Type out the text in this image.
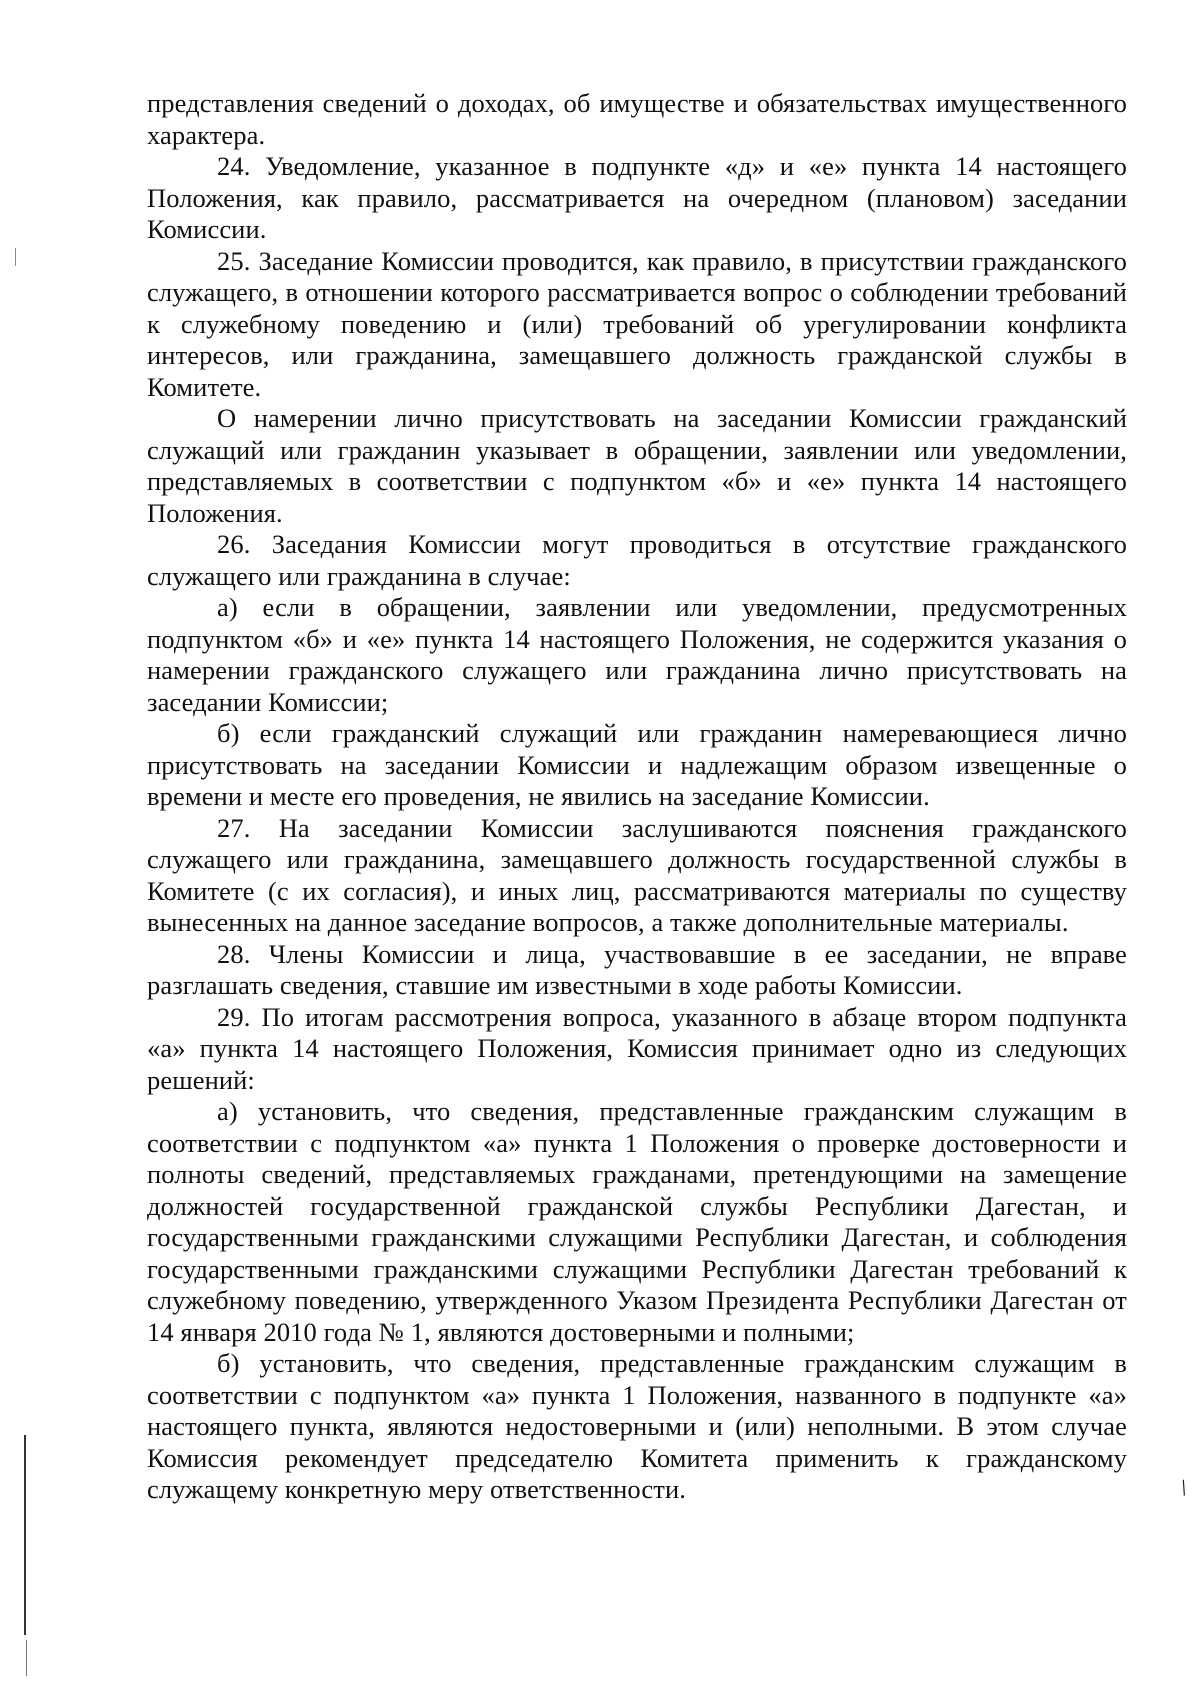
представления сведений о доходах, об имуществе и обязательствах имущественного характера.

24. Уведомление, указанное в подпункте «д» и «е» пункта 14 настоящего Положения, как правило, рассматривается на очередном (плановом) заседании Комиссии.

25. Заседание Комиссии проводится, как правило, в присутствии гражданского служащего, в отношении которого рассматривается вопрос о соблюдении требований к служебному поведению и (или) требований об урегулировании конфликта интересов, или гражданина, замещавшего должность гражданской службы в Комитете.

О намерении лично присутствовать на заседании Комиссии гражданский служащий или гражданин указывает в обращении, заявлении или уведомлении, представляемых в соответствии с подпунктом «б» и «е» пункта 14 настоящего Положения.

26. Заседания Комиссии могут проводиться в отсутствие гражданского служащего или гражданина в случае:

а) если в обращении, заявлении или уведомлении, предусмотренных подпунктом «б» и «е» пункта 14 настоящего Положения, не содержится указания о намерении гражданского служащего или гражданина лично присутствовать на заседании Комиссии;

б) если гражданский служащий или гражданин намеревающиеся лично присутствовать на заседании Комиссии и надлежащим образом извещенные о времени и месте его проведения, не явились на заседание Комиссии.

27. На заседании Комиссии заслушиваются пояснения гражданского служащего или гражданина, замещавшего должность государственной службы в Комитете (с их согласия), и иных лиц, рассматриваются материалы по существу вынесенных на данное заседание вопросов, а также дополнительные материалы.

28. Члены Комиссии и лица, участвовавшие в ее заседании, не вправе разглашать сведения, ставшие им известными в ходе работы Комиссии.

29. По итогам рассмотрения вопроса, указанного в абзаце втором подпункта «а» пункта 14 настоящего Положения, Комиссия принимает одно из следующих решений:

а) установить, что сведения, представленные гражданским служащим в соответствии с подпунктом «а» пункта 1 Положения о проверке достоверности и полноты сведений, представляемых гражданами, претендующими на замещение должностей государственной гражданской службы Республики Дагестан, и государственными гражданскими служащими Республики Дагестан, и соблюдения государственными гражданскими служащими Республики Дагестан требований к служебному поведению, утвержденного Указом Президента Республики Дагестан от 14 января 2010 года № 1, являются достоверными и полными;

б) установить, что сведения, представленные гражданским служащим в соответствии с подпунктом «а» пункта 1 Положения, названного в подпункте «а» настоящего пункта, являются недостоверными и (или) неполными. В этом случае Комиссия рекомендует председателю Комитета применить к гражданскому служащему конкретную меру ответственности.	⁄
